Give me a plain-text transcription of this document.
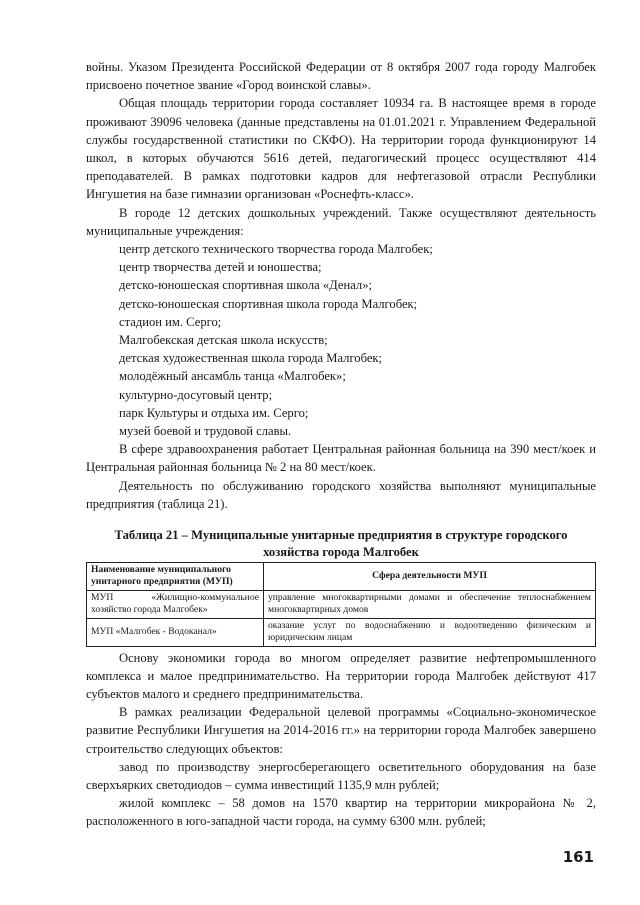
войны. Указом Президента Российской Федерации от 8 октября 2007 года городу Малгобек присвоено почетное звание «Город воинской славы».

Общая площадь территории города составляет 10934 га. В настоящее время в городе проживают 39096 человека (данные представлены на 01.01.2021 г. Управлением Федеральной службы государственной статистики по СКФО). На территории города функционируют 14 школ, в которых обучаются 5616 детей, педагогический процесс осуществляют 414 преподавателей. В рамках подготовки кадров для нефтегазовой отрасли Республики Ингушетия на базе гимназии организован «Роснефть-класс».

В городе 12 детских дошкольных учреждений. Также осуществляют деятельность муниципальные учреждения:

центр детского технического творчества города Малгобек;

центр творчества детей и юношества;

детско-юношеская спортивная школа «Денал»;

детско-юношеская спортивная школа города Малгобек;

стадион им. Серго;

Малгобекская детская школа искусств;

детская художественная школа города Малгобек;

молодёжный ансамбль танца «Малгобек»;

культурно-досуговый центр;

парк Культуры и отдыха им. Серго;

музей боевой и трудовой славы.

В сфере здравоохранения работает Центральная районная больница на 390 мест/коек и Центральная районная больница № 2 на 80 мест/коек.

Деятельность по обслуживанию городского хозяйства выполняют муниципальные предприятия (таблица 21).

Таблица 21 – Муниципальные унитарные предприятия в структуре городского хозяйства города Малгобек
Наименование муниципального унитарного предприятия (МУП)	Сфера деятельности МУП
МУП «Жилищно-коммунальное хозяйство города Малгобек»	управление многоквартирными домами и обеспечение теплоснабжением многоквартирных домов
МУП «Малгобек - Водоканал»	оказание услуг по водоснабжению и водоотведению физическим и юридическим лицам

Основу экономики города во многом определяет развитие нефтепромышленного комплекса и малое предпринимательство. На территории города Малгобек действуют 417 субъектов малого и среднего предпринимательства.

В рамках реализации Федеральной целевой программы «Социально-экономическое развитие Республики Ингушетия на 2014-2016 гг.» на территории города Малгобек завершено строительство следующих объектов:

завод по производству энергосберегающего осветительного оборудования на базе сверхъярких светодиодов – сумма инвестиций 1135,9 млн рублей;

жилой комплекс – 58 домов на 1570 квартир на территории микрорайона № 2, расположенного в юго-западной части города, на сумму 6300 млн. рублей;

161
